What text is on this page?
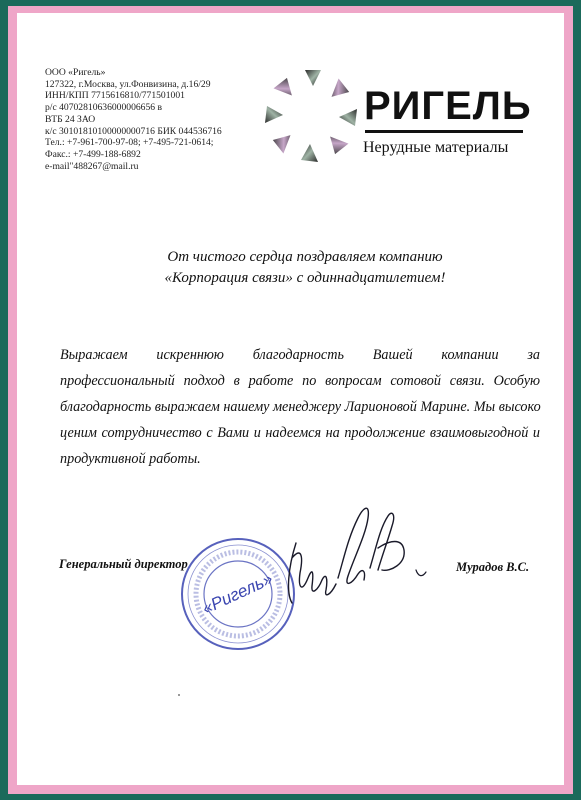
ООО «Ригель»
127322, г.Москва, ул.Фонвизина, д.16/29
ИНН/КПП 7715616810/771501001
р/с 40702810636000006656 в
ВТБ 24 ЗАО
к/с 30101810100000000716 БИК 044536716
Тел.: +7-961-700-97-08; +7-495-721-0614;
Факс.: +7-499-188-6892
e-mail"488267@mail.ru
РИГЕЛЬ
Нерудные материалы
От чистого сердца поздравляем компанию
«Корпорация связи» с одиннадцатилетием!
Выражаем искреннюю благодарность Вашей компании за
профессиональный подход в работе по вопросам сотовой связи. Особую
благодарность выражаем нашему менеджеру Ларионовой Марине. Мы высоко
ценим сотрудничество с Вами и надеемся на продолжение взаимовыгодной и
продуктивной работы.
Генеральный директор
«Ригель»
Мурадов В.С.
